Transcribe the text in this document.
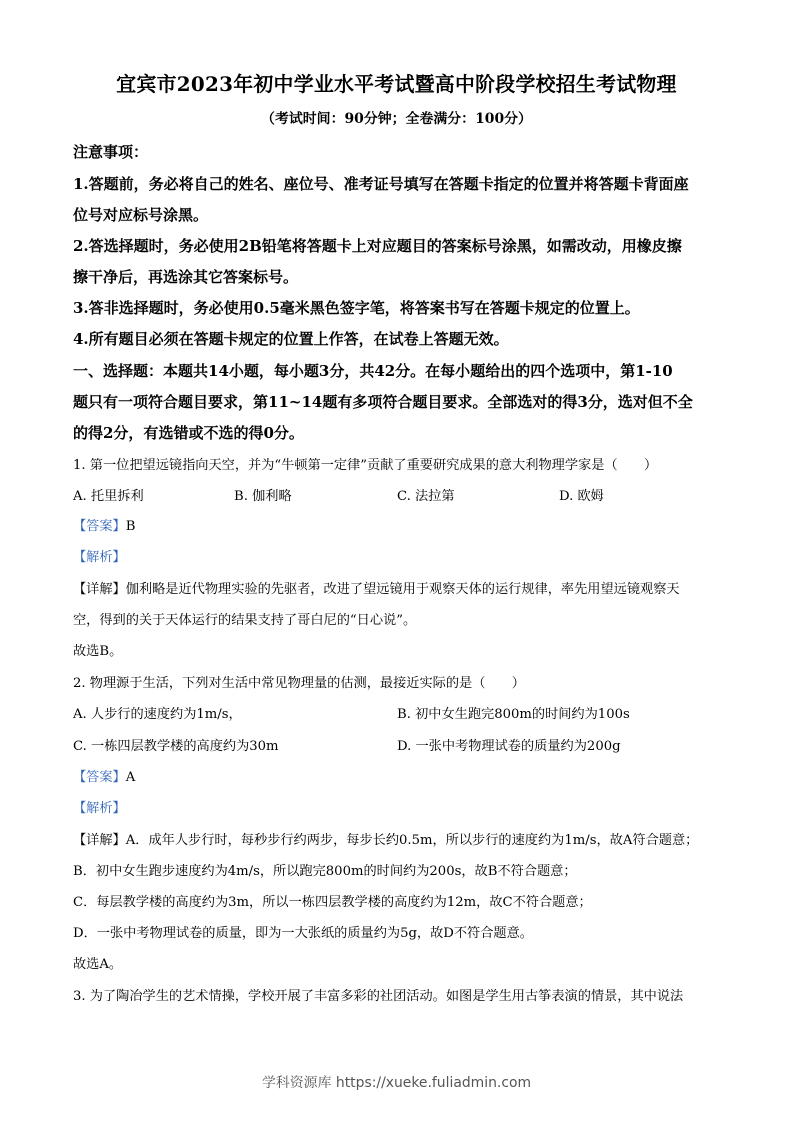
宜宾市2023年初中学业水平考试暨高中阶段学校招生考试物理
（考试时间：90分钟；全卷满分：100分）
注意事项：
1.答题前，务必将自己的姓名、座位号、准考证号填写在答题卡指定的位置并将答题卡背面座
位号对应标号涂黑。
2.答选择题时，务必使用2B铅笔将答题卡上对应题目的答案标号涂黑，如需改动，用橡皮擦
擦干净后，再选涂其它答案标号。
3.答非选择题时，务必使用0.5毫米黑色签字笔，将答案书写在答题卡规定的位置上。
4.所有题目必须在答题卡规定的位置上作答，在试卷上答题无效。
一、选择题：本题共14小题，每小题3分，共42分。在每小题给出的四个选项中，第1-10
题只有一项符合题目要求，第11~14题有多项符合题目要求。全部选对的得3分，选对但不全
的得2分，有选错或不选的得0分。
1. 第一位把望远镜指向天空，并为“牛顿第一定律”贡献了重要研究成果的意大利物理学家是（　　）
A. 托里拆利	B. 伽利略	C. 法拉第	D. 欧姆
【答案】B
【解析】
【详解】伽利略是近代物理实验的先驱者，改进了望远镜用于观察天体的运行规律，率先用望远镜观察天
空，得到的关于天体运行的结果支持了哥白尼的“日心说”。
故选B。
2. 物理源于生活，下列对生活中常见物理量的估测，最接近实际的是（　　）
A. 人步行的速度约为1m/s，	B. 初中女生跑完800m的时间约为100s
C. 一栋四层教学楼的高度约为30m	D. 一张中考物理试卷的质量约为200g
【答案】A
【解析】
【详解】A．成年人步行时，每秒步行约两步，每步长约0.5m，所以步行的速度约为1m/s，故A符合题意；
B．初中女生跑步速度约为4m/s，所以跑完800m的时间约为200s，故B不符合题意；
C．每层教学楼的高度约为3m，所以一栋四层教学楼的高度约为12m，故C不符合题意；
D．一张中考物理试卷的质量，即为一大张纸的质量约为5g，故D不符合题意。
故选A。
3. 为了陶冶学生的艺术情操，学校开展了丰富多彩的社团活动。如图是学生用古筝表演的情景，其中说法
学科资源库 https://xueke.fuliadmin.com
